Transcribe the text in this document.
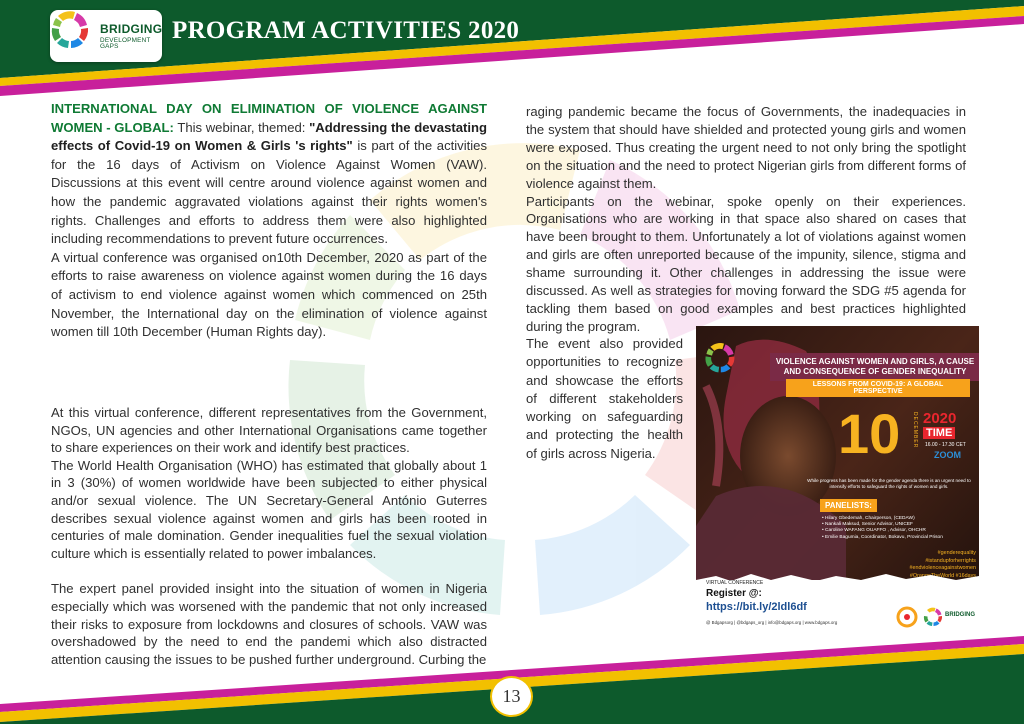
BRIDGING
DEVELOPMENT GAPS
PROGRAM ACTIVITIES 2020

INTERNATIONAL DAY ON ELIMINATION OF VIOLENCE AGAINST WOMEN - GLOBAL: This webinar, themed: "Addressing the devastating effects of Covid-19 on Women & Girls 's rights" is part of the activities for the 16 days of Activism on Violence Against Women (VAW). Discussions at this event will centre around violence against women and how the pandemic aggravated violations against their rights women's rights. Challenges and efforts to address them were also highlighted including recommendations to prevent future occurrences.

A virtual conference was organised on10th December, 2020 as part of the efforts to raise awareness on violence against women during the 16 days of activism to end violence against women which commenced on 25th November, the International day on the elimination of violence against women till 10th December (Human Rights day).

At this virtual conference, different representatives from the Government, NGOs, UN agencies and other International Organisations came together to share experiences on their work and identify best practices.

The World Health Organisation (WHO) has estimated that globally about 1 in 3 (30%) of women worldwide have been subjected to either physical and/or sexual violence. The UN Secretary-General António Guterres describes sexual violence against women and girls has been rooted in centuries of male domination. Gender inequalities fuel the sexual violation culture which is essentially related to power imbalances.

The expert panel provided insight into the situation of women in Nigeria especially which was worsened with the pandemic that not only increased their risks to exposure from lockdowns and closures of schools. VAW was overshadowed by the need to end the pandemi which also distracted attention causing the issues to be pushed further underground. Curbing the

raging pandemic became the focus of Governments, the inadequacies in the system that should have shielded and protected young girls and women were exposed. Thus creating the urgent need to not only bring the spotlight on the situation and the need to protect Nigerian girls from different forms of violence against them.

Participants on the webinar, spoke openly on their experiences. Organisations who are working in that space also shared on cases that have been brought to them. Unfortunately a lot of violations against women and girls are often unreported because of the impunity, silence, stigma and shame surrounding it. Other challenges in addressing the issue were discussed. As well as strategies for moving forward the SDG #5 agenda for tackling them based on good examples and best practices highlighted during the program.

The event also provided opportunities to recognize and showcase the efforts of different stakeholders working on safeguarding and protecting the health of girls across Nigeria.

VIOLENCE AGAINST WOMEN AND GIRLS, A CAUSE AND CONSEQUENCE OF GENDER INEQUALITY
LESSONS FROM COVID-19: A GLOBAL PERSPECTIVE
10 DECEMBER 2020
TIME
16.00 - 17.30 CET
ZOOM
While progress has been made for the gender agenda there is an urgent need to intensify efforts to safeguard the rights of women and girls.
PANELISTS:
• Hilary Gbedemah, Chairperson, (CEDAW)
• Nankali Maksud, Senior Advisor, UNICEF
• Caroline WAFANG OUAFFO , Advisor, OHCHR
• Emilie Bagumia, Coordinator, Bokavu, Provincial Prison
#genderequality
#istandupforherrights
#endviolenceagainstwomen
#OrangeTheWorld #16days
VIRTUAL CONFERENCE
Register @:
https://bit.ly/2ldl6df
@ Bdgapsorg | @bdgaps_org | info@bdgaps.org | www.bdgaps.org
BRIDGING
13
